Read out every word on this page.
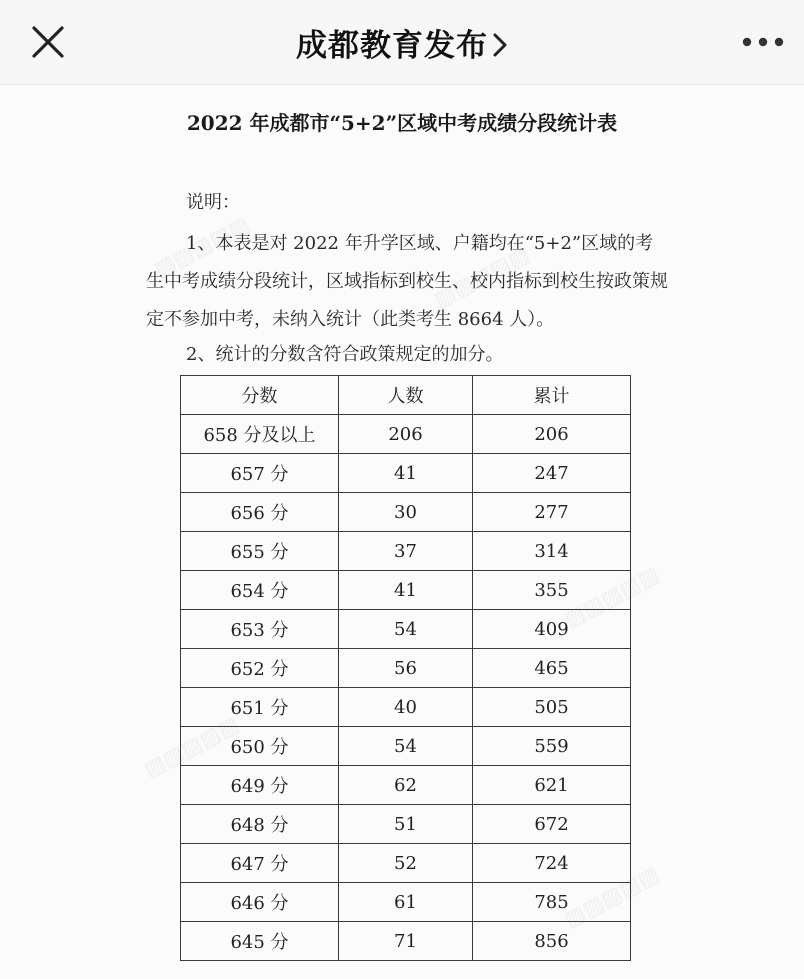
成都教育发布
▨▨▨▨▨	▨▨▨▨▨
▨▨▨▨▨
▨▨▨▨▨
▨▨▨▨▨
2022 年成都市“5+2”区域中考成绩分段统计表
说明：
1、本表是对 2022 年升学区域、户籍均在“5+2”区域的考生中考成绩分段统计，区域指标到校生、校内指标到校生按政策规定不参加中考，未纳入统计（此类考生 8664 人）。
2、统计的分数含符合政策规定的加分。
分数	人数	累计
658 分及以上	206	206
657 分	41	247
656 分	30	277
655 分	37	314
654 分	41	355
653 分	54	409
652 分	56	465
651 分	40	505
650 分	54	559
649 分	62	621
648 分	51	672
647 分	52	724
646 分	61	785
645 分	71	856
